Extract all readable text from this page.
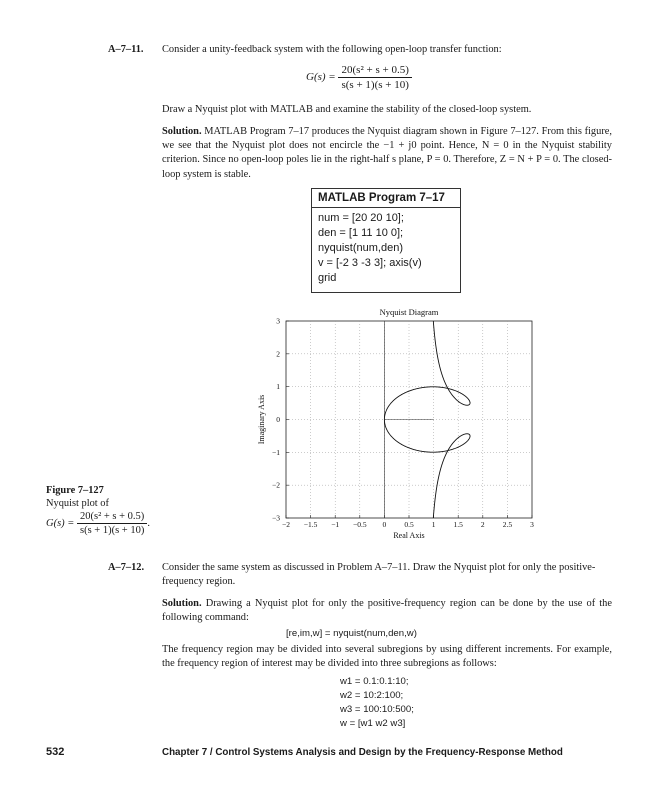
A–7–11. Consider a unity-feedback system with the following open-loop transfer function:
$G(s) = \frac{\text{20(s² + s + 0.5)}}{s(s + 1)(s + 10)}$
Draw a Nyquist plot with MATLAB and examine the stability of the closed-loop system.
Solution. MATLAB Program 7–17 produces the Nyquist diagram shown in Figure 7–127. From this figure, we see that the Nyquist plot does not encircle the −1 + j0 point. Hence, N = 0 in the Nyquist stability criterion. Since no open-loop poles lie in the right-half s plane, P = 0. Therefore, Z = N + P = 0. The closed-loop system is stable.
MATLAB Program 7–17
num = [20 20 10];
den = [1 11 10 0];
nyquist(num,den)
v = [-2 3 -3 3]; axis(v)
grid
Figure 7–127
Nyquist plot of
$G(s) = \frac{\text{20(s² + s + 0.5)}}{s(s + 1)(s + 10)}$ .	−2 −1.5 −1 −0.5 0 0.5 1 1.5 2 2.5 3
3
2
1
0
−1
−2
−3
Nyquist Diagram
Real Axis
Imaginary Axis
A–7–12. Consider the same system as discussed in Problem A–7–11. Draw the Nyquist plot for only the positive-frequency region.
Solution. Drawing a Nyquist plot for only the positive-frequency region can be done by the use of the following command:
[re,im,w] = nyquist(num,den,w)
The frequency region may be divided into several subregions by using different increments. For example, the frequency region of interest may be divided into three subregions as follows:
w1 = 0.1:0.1:10;
w2 = 10:2:100;
w3 = 100:10:500;
w = [w1 w2 w3]
532	Chapter 7 / Control Systems Analysis and Design by the Frequency-Response Method
